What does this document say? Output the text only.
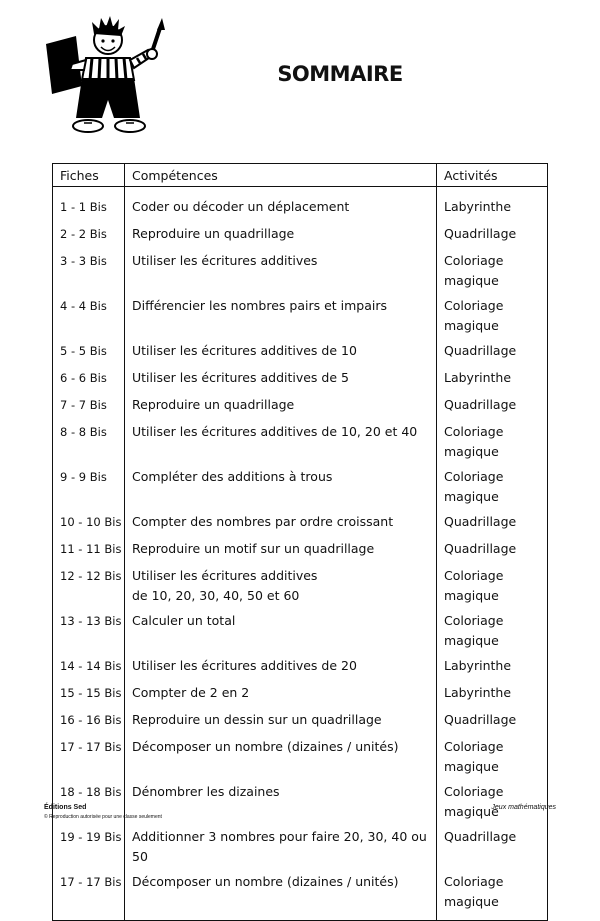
SOMMAIRE
Fiches	Compétences	Activités
1 - 1 Bis	Coder ou décoder un déplacement	Labyrinthe
2 - 2 Bis	Reproduire un quadrillage	Quadrillage
3 - 3 Bis	Utiliser les écritures additives	Coloriage magique
4 - 4 Bis	Différencier les nombres pairs et impairs	Coloriage magique
5 - 5 Bis	Utiliser les écritures additives de 10	Quadrillage
6 - 6 Bis	Utiliser les écritures additives de 5	Labyrinthe
7 - 7 Bis	Reproduire un quadrillage	Quadrillage
8 - 8 Bis	Utiliser les écritures additives de 10, 20 et 40	Coloriage magique
9 - 9 Bis	Compléter des additions à trous	Coloriage magique
10 - 10 Bis	Compter des nombres par ordre croissant	Quadrillage
11 - 11 Bis	Reproduire un motif sur un quadrillage	Quadrillage
12 - 12 Bis	Utiliser les écritures additives
de 10, 20, 30, 40, 50 et 60	Coloriage magique
13 - 13 Bis	Calculer un total	Coloriage magique
14 - 14 Bis	Utiliser les écritures additives de 20	Labyrinthe
15 - 15 Bis	Compter de 2 en 2	Labyrinthe
16 - 16 Bis	Reproduire un dessin sur un quadrillage	Quadrillage
17 - 17 Bis	Décomposer un nombre (dizaines / unités)	Coloriage magique
18 - 18 Bis	Dénombrer les dizaines	Coloriage magique
19 - 19 Bis	Additionner 3 nombres pour faire 20, 30, 40 ou 50	Quadrillage
17 - 17 Bis	Décomposer un nombre (dizaines / unités)	Coloriage magique
Éditions Sed
© Reproduction autorisée pour une classe seulement
Jeux mathématiques
